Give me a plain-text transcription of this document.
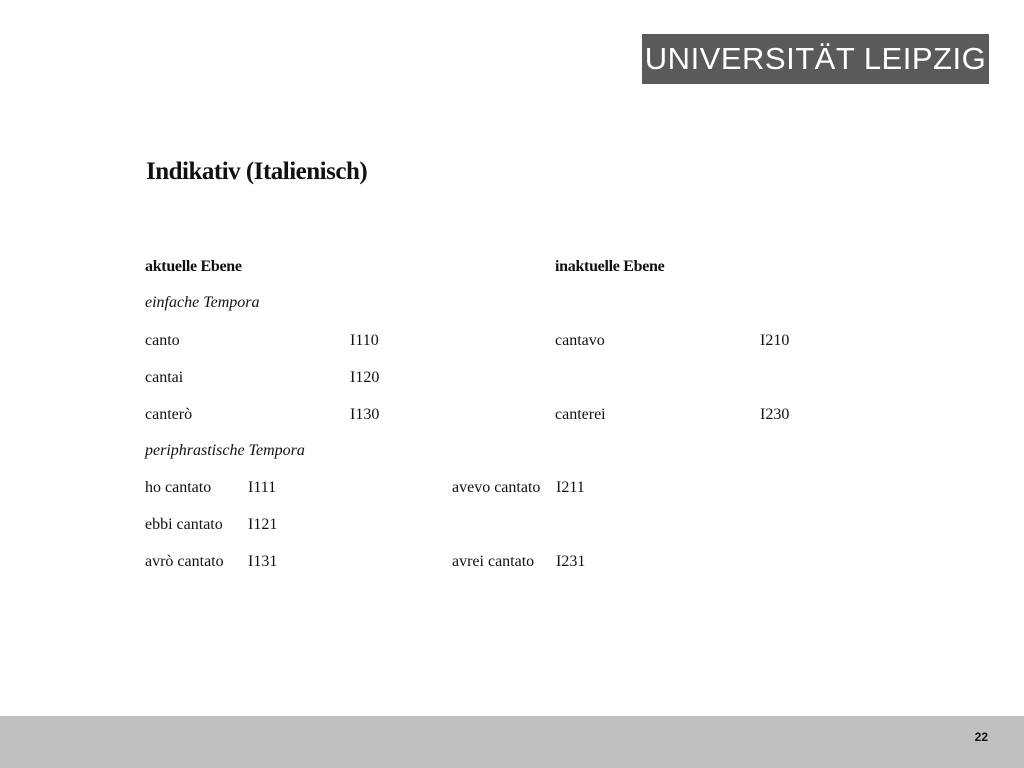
UNIVERSITÄT LEIPZIG
Indikativ (Italienisch)
aktuelle Ebene	inaktuelle Ebene
einfache Tempora
canto	I110	cantavo	I210
cantai	I120
canterò	I130	canterei	I230
periphrastische Tempora
ho cantato I111	avevo cantato I211
ebbi cantato I121
avrò cantato I131	avrei cantato I231
22
